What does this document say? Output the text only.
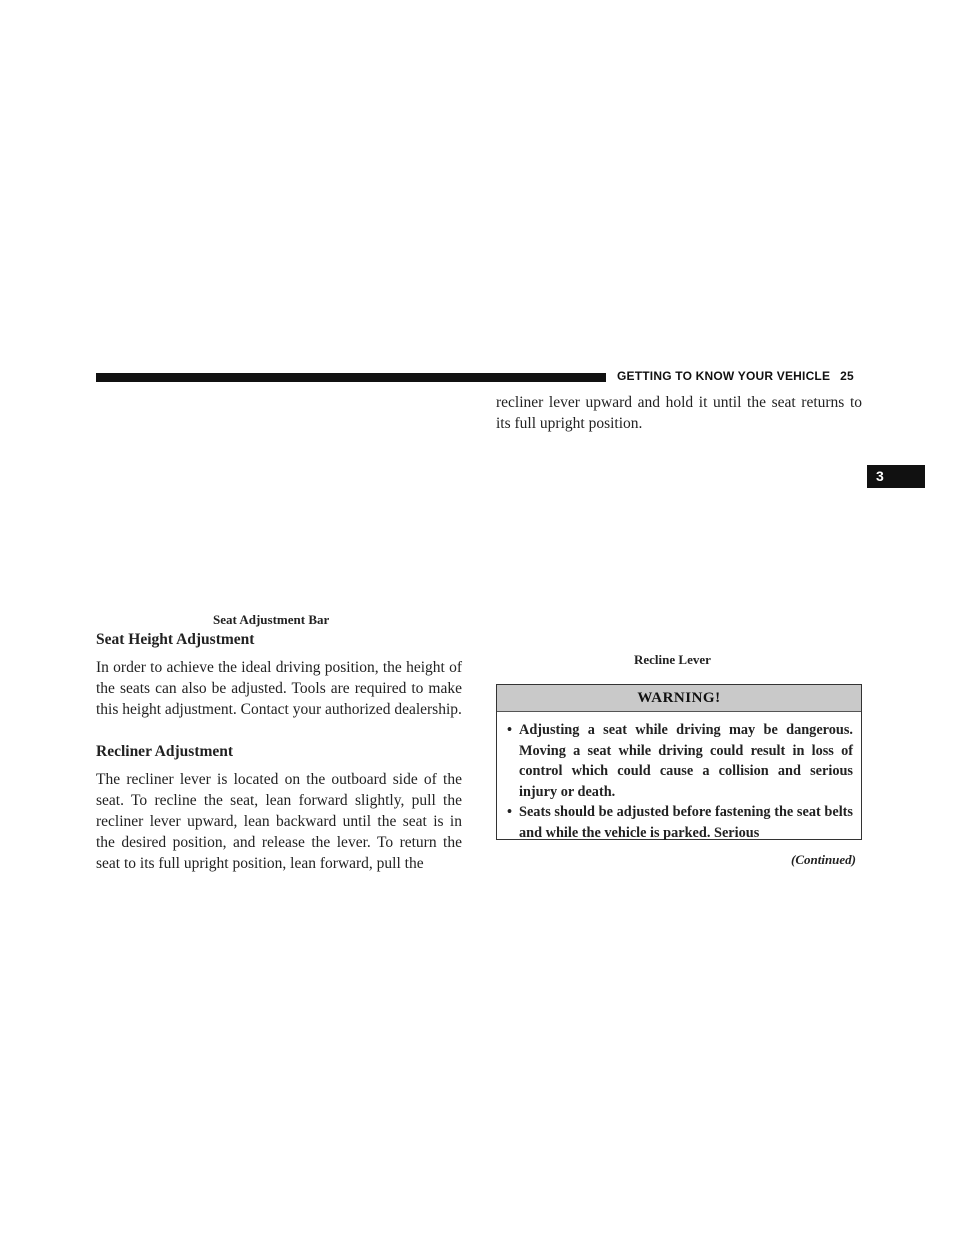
GETTING TO KNOW YOUR VEHICLE 25
3
Seat Adjustment Bar
Seat Height Adjustment
In order to achieve the ideal driving position, the height of the seats can also be adjusted. Tools are required to make this height adjustment. Contact your authorized dealership.
Recliner Adjustment
The recliner lever is located on the outboard side of the seat. To recline the seat, lean forward slightly, pull the recliner lever upward, lean backward until the seat is in the desired position, and release the lever. To return the seat to its full upright position, lean forward, pull the
recliner lever upward and hold it until the seat returns to its full upright position.
Recline Lever
WARNING!
• Adjusting a seat while driving may be dangerous. Moving a seat while driving could result in loss of control which could cause a collision and serious injury or death.
• Seats should be adjusted before fastening the seat belts and while the vehicle is parked. Serious
(Continued)
